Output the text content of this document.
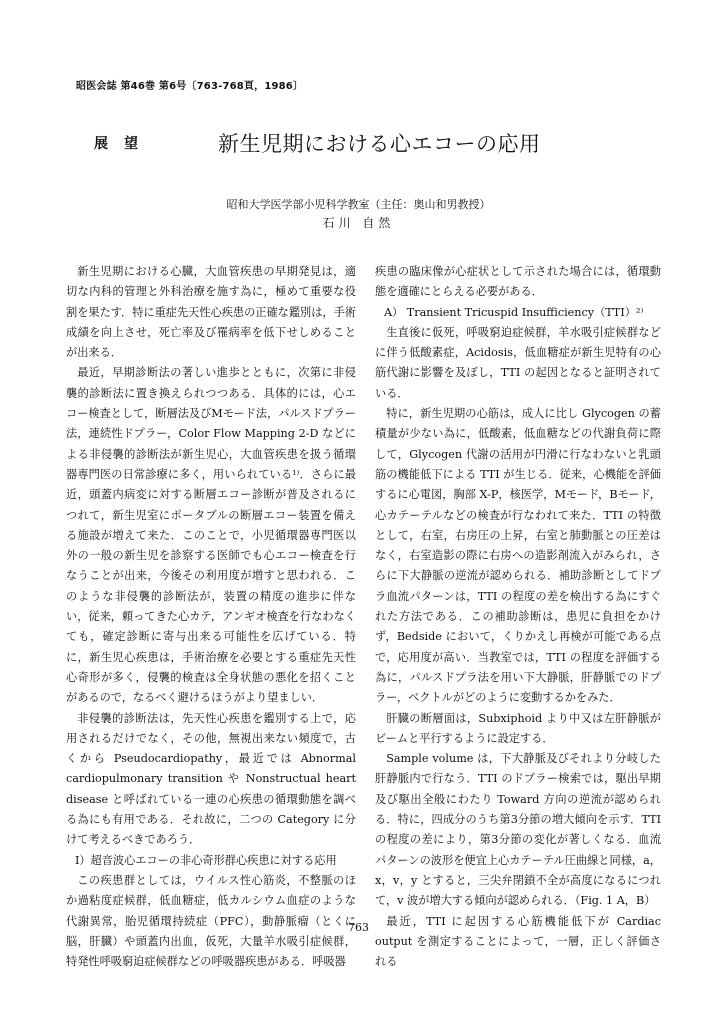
昭医会誌 第46巻 第6号〔763-768頁，1986〕
展望	新生児期における心エコーの応用
昭和大学医学部小児科学教室（主任：奥山和男教授）
石川 自然

新生児期における心臓，大血管疾患の早期発見は，適切な内科的管理と外科治療を施す為に，極めて重要な役割を果たす．特に重症先天性心疾患の正確な鑑別は，手術成績を向上させ，死亡率及び罹病率を低下せしめることが出来る．

最近，早期診断法の著しい進歩とともに，次第に非侵襲的診断法に置き換えられつつある．具体的には，心エコー検査として，断層法及びMモード法，パルスドプラー法，連続性ドプラー，Color Flow Mapping 2-D などによる非侵襲的診断法が新生児心，大血管疾患を扱う循環器専門医の日常診療に多く，用いられている¹⁾．さらに最近，頭蓋内病変に対する断層エコー診断が普及されるにつれて，新生児室にポータブルの断層エコー装置を備える施設が増えて来た．このことで，小児循環器専門医以外の一般の新生児を診察する医師でも心エコー検査を行なうことが出来，今後その利用度が増すと思われる．このような非侵襲的診断法が，装置の精度の進歩に伴ない，従来，頼ってきた心カテ，アンギオ検査を行なわなくても，確定診断に寄与出来る可能性を広げている．特に，新生児心疾患は，手術治療を必要とする重症先天性心奇形が多く，侵襲的検査は全身状態の悪化を招くことがあるので，なるべく避けるほうがより望ましい．

非侵襲的診断法は，先天性心疾患を鑑別する上で，応用されるだけでなく，その他，無視出来ない頻度で，古くから Pseudocardiopathy，最近では Abnormal cardiopulmonary transition や Nonstructual heart disease と呼ばれている一連の心疾患の循環動態を調べる為にも有用である．それ故に，二つの Category に分けて考えるべきであろう．

I）超音波心エコーの非心奇形群心疾患に対する応用

この疾患群としては，ウイルス性心筋炎，不整脈のほか過粘度症候群，低血糖症，低カルシウム血症のような代謝異常，胎児循環持続症（PFC），動静脈瘤（とくに脳，肝臓）や頭蓋内出血，仮死，大量羊水吸引症候群，特発性呼吸窮迫症候群などの呼吸器疾患がある．呼吸器

疾患の臨床像が心症状として示された場合には，循環動態を適確にとらえる必要がある．

A） Transient Tricuspid Insufficiency（TTI）²⁾

生直後に仮死，呼吸窮迫症候群，羊水吸引症候群などに伴う低酸素症，Acidosis，低血糖症が新生児特有の心筋代謝に影響を及ぼし，TTI の起因となると証明されている．

特に，新生児期の心筋は，成人に比し Glycogen の蓄積量が少ない為に，低酸素，低血糖などの代謝負荷に際して，Glycogen 代謝の活用が円滑に行なわないと乳頭筋の機能低下による TTI が生じる．従来，心機能を評価するに心電図，胸部 X-P，核医学，Mモード，Bモード，心カテーテルなどの検査が行なわれて来た．TTI の特徴として，右室，右房圧の上昇，右室と肺動脈との圧差はなく，右室造影の際に右房への造影剤流入がみられ，さらに下大静脈の逆流が認められる．補助診断としてドプラ血流パターンは，TTI の程度の差を検出する為にすぐれた方法である．この補助診断は，患児に負担をかけず，Bedside において，くりかえし再検が可能である点で，応用度が高い．当教室では，TTI の程度を評価する為に，パルスドプラ法を用い下大静脈，肝静脈でのドプラー，ベクトルがどのように変動するかをみた．

肝臓の断層面は，Subxiphoid より中又は左肝静脈がビームと平行するように設定する．

Sample volume は，下大静脈及びそれより分岐した肝静脈内で行なう．TTI のドプラー検索では，駆出早期及び駆出全般にわたり Toward 方向の逆流が認められる．特に，四成分のうち第3分節の増大傾向を示す．TTI の程度の差により，第3分節の変化が著しくなる．血流パターンの波形を便宜上心カテーテル圧曲線と同様，a，x，v，y とすると，三尖弁閉鎖不全が高度になるにつれて，v 波が増大する傾向が認められる．（Fig. 1 A，B）

最近，TTI に起因する心筋機能低下が Cardiac output を測定することによって，一層，正しく評価される

763
